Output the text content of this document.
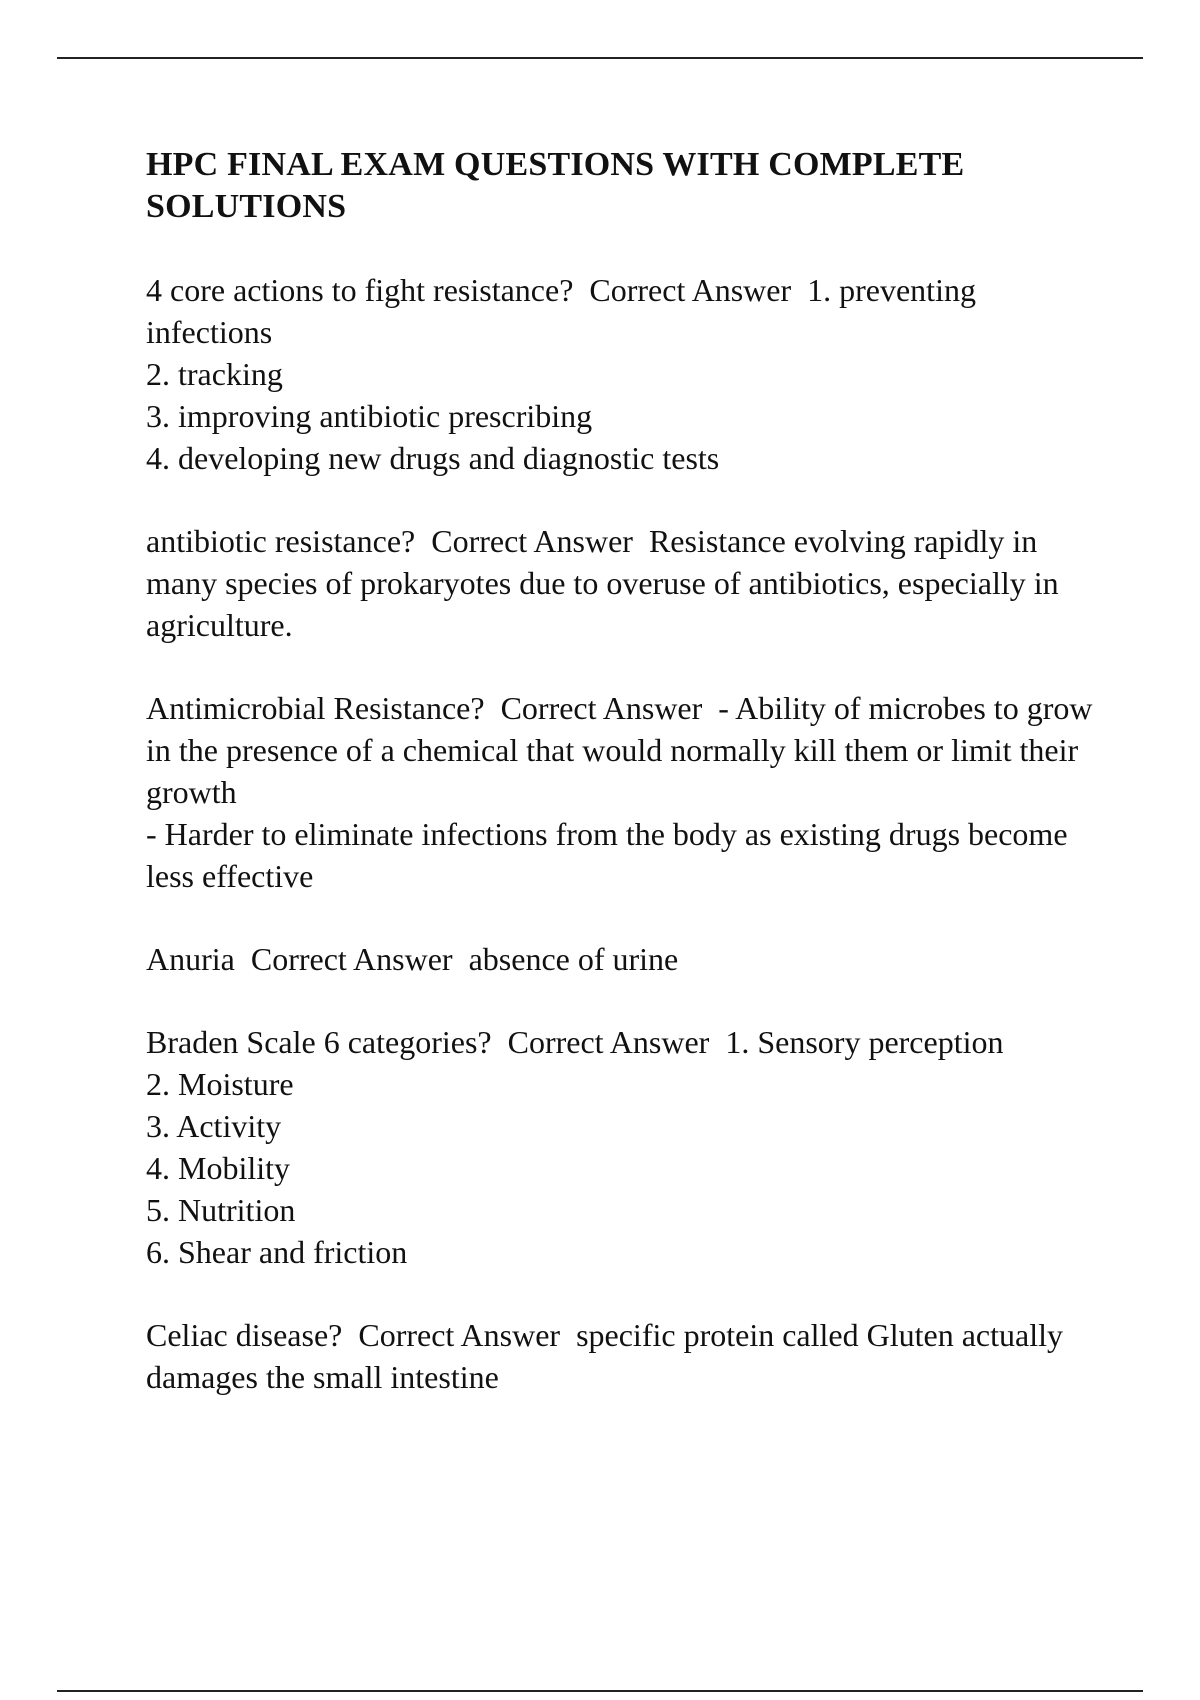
HPC FINAL EXAM QUESTIONS WITH COMPLETE SOLUTIONS
4 core actions to fight resistance?  Correct Answer  1. preventing infections
2. tracking
3. improving antibiotic prescribing
4. developing new drugs and diagnostic tests
antibiotic resistance?  Correct Answer  Resistance evolving rapidly in many species of prokaryotes due to overuse of antibiotics, especially in agriculture.
Antimicrobial Resistance?  Correct Answer  - Ability of microbes to grow in the presence of a chemical that would normally kill them or limit their growth
- Harder to eliminate infections from the body as existing drugs become less effective
Anuria  Correct Answer  absence of urine
Braden Scale 6 categories?  Correct Answer  1. Sensory perception
2. Moisture
3. Activity
4. Mobility
5. Nutrition
6. Shear and friction
Celiac disease?  Correct Answer  specific protein called Gluten actually damages the small intestine
